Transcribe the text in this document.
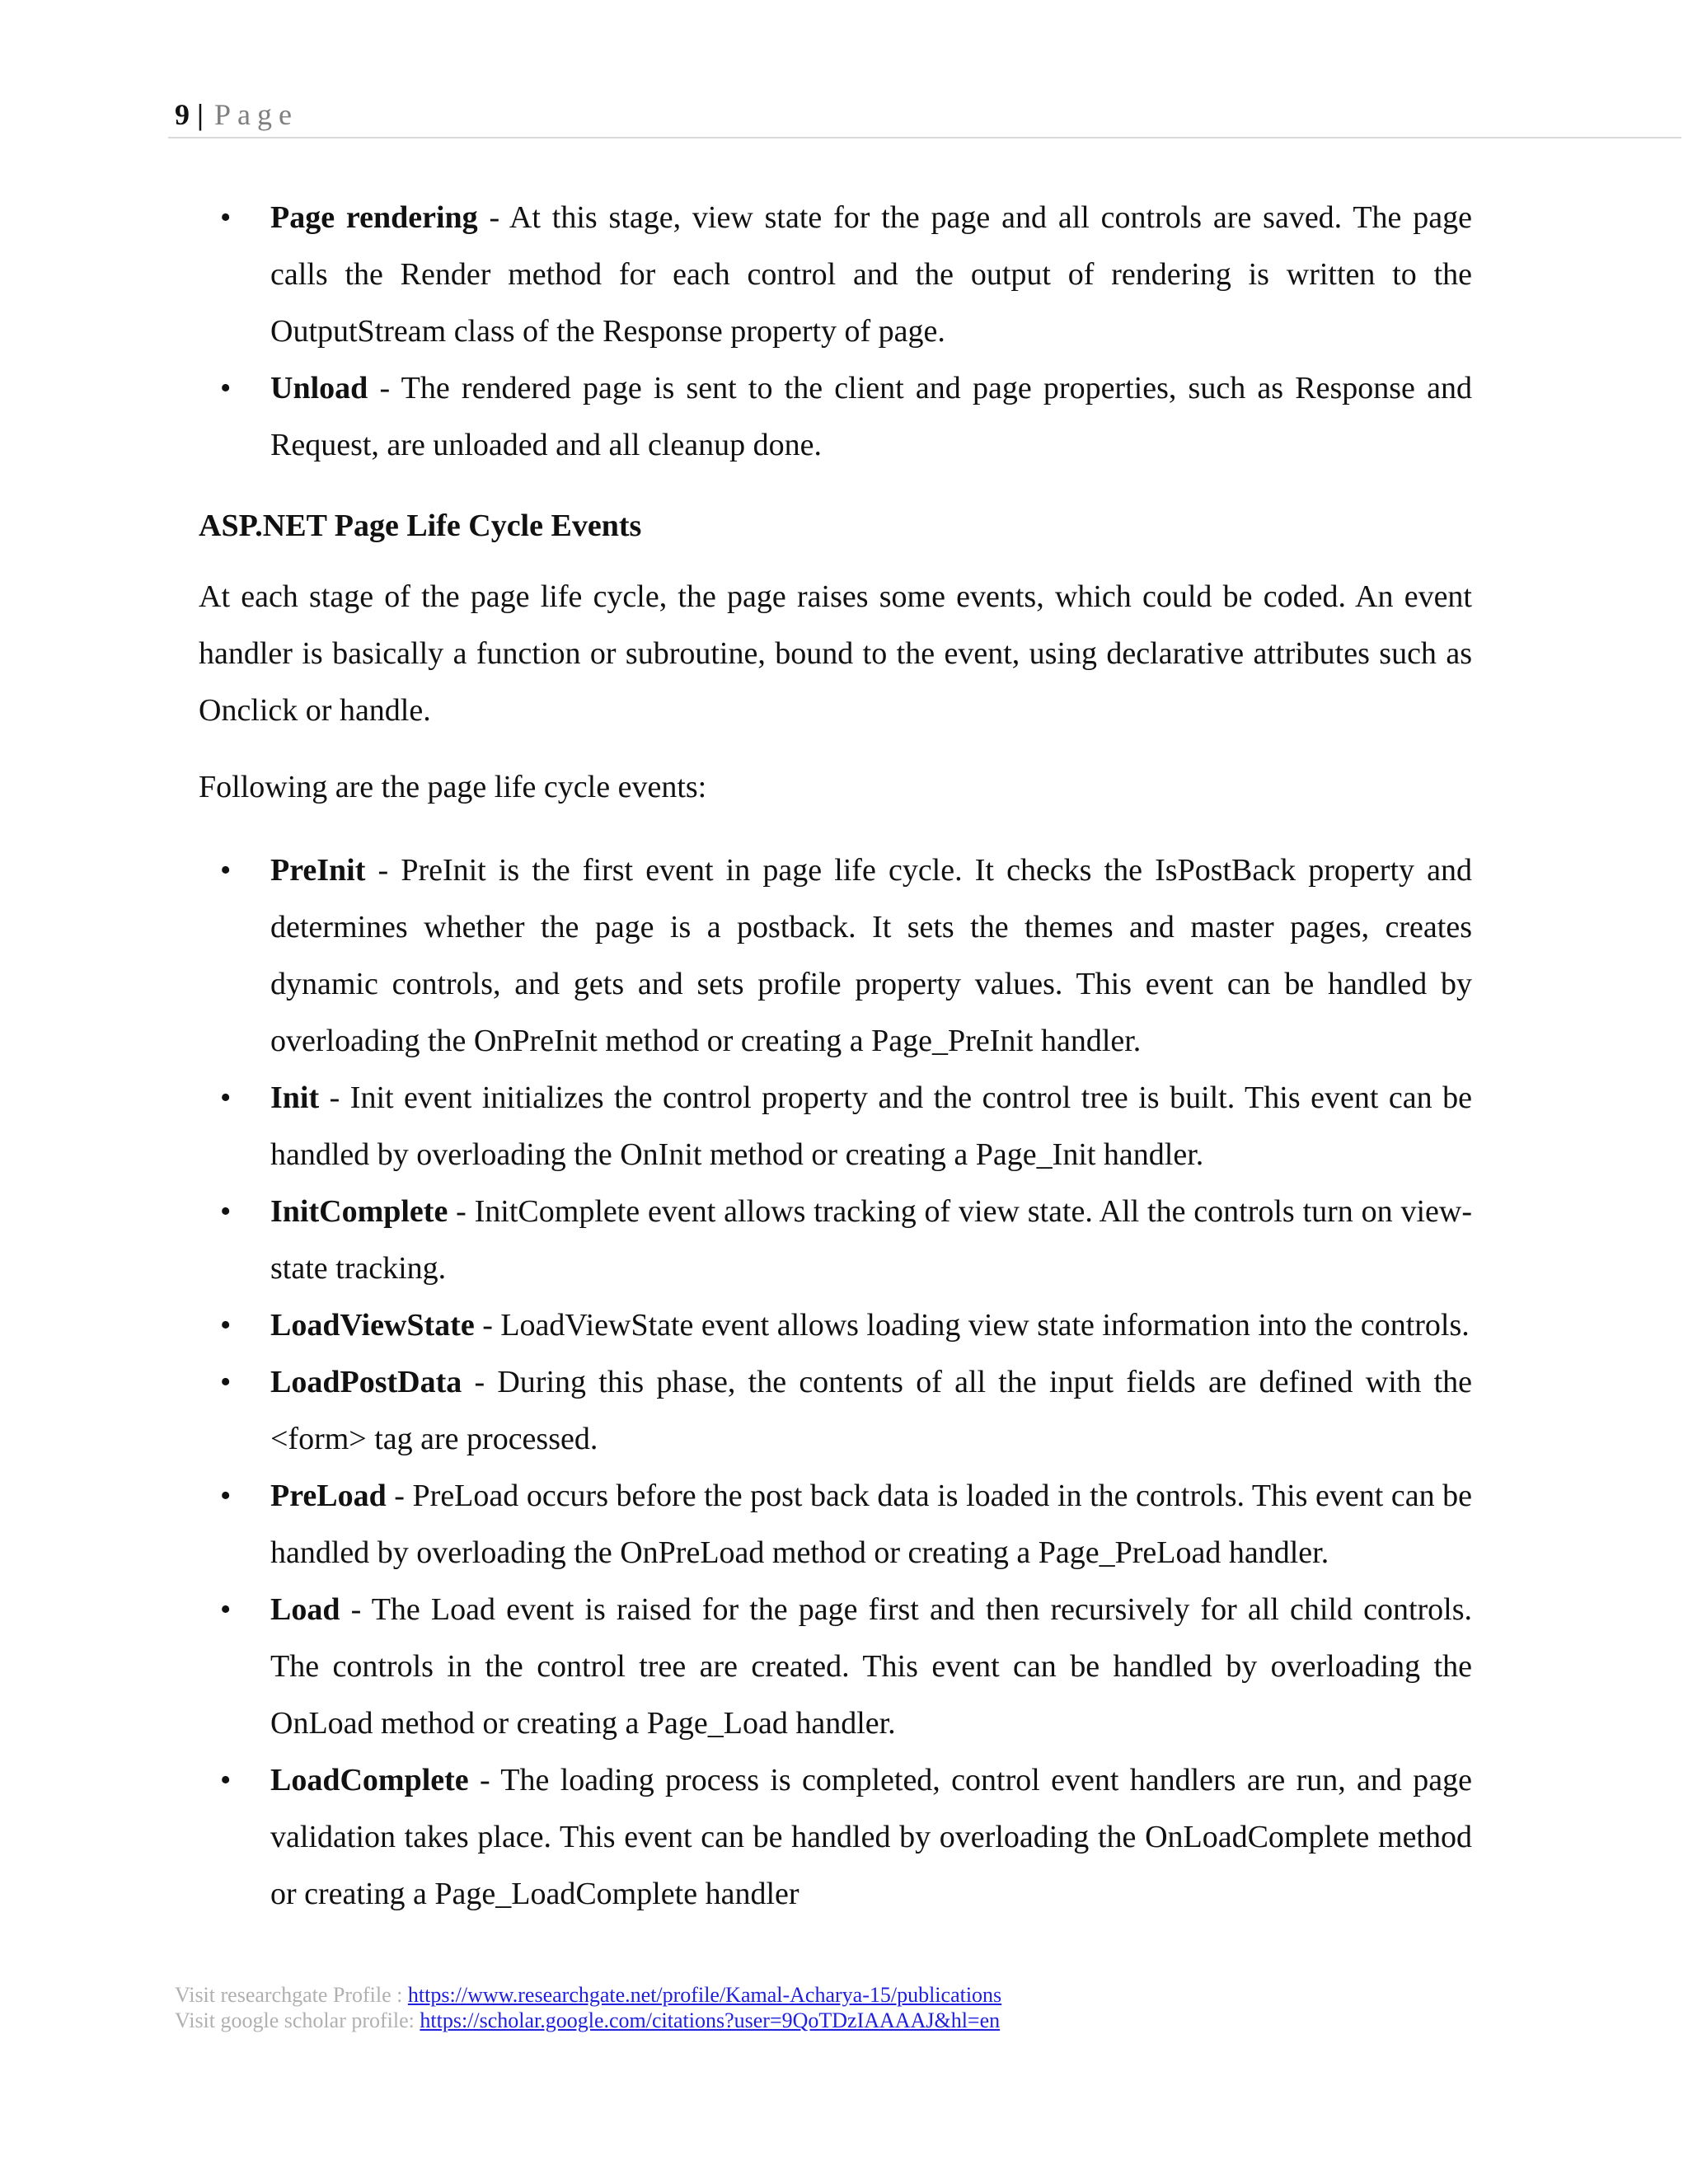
9 | Page
• Page rendering - At this stage, view state for the page and all controls are saved. The page calls the Render method for each control and the output of rendering is written to the OutputStream class of the Response property of page.
• Unload - The rendered page is sent to the client and page properties, such as Response and Request, are unloaded and all cleanup done.
ASP.NET Page Life Cycle Events
At each stage of the page life cycle, the page raises some events, which could be coded. An event handler is basically a function or subroutine, bound to the event, using declarative attributes such as Onclick or handle.
Following are the page life cycle events:
• PreInit - PreInit is the first event in page life cycle. It checks the IsPostBack property and determines whether the page is a postback. It sets the themes and master pages, creates dynamic controls, and gets and sets profile property values. This event can be handled by overloading the OnPreInit method or creating a Page_PreInit handler.
• Init - Init event initializes the control property and the control tree is built. This event can be handled by overloading the OnInit method or creating a Page_Init handler.
• InitComplete - InitComplete event allows tracking of view state. All the controls turn on view-state tracking.
• LoadViewState - LoadViewState event allows loading view state information into the controls.
• LoadPostData - During this phase, the contents of all the input fields are defined with the <form> tag are processed.
• PreLoad - PreLoad occurs before the post back data is loaded in the controls. This event can be handled by overloading the OnPreLoad method or creating a Page_PreLoad handler.
• Load - The Load event is raised for the page first and then recursively for all child controls. The controls in the control tree are created. This event can be handled by overloading the OnLoad method or creating a Page_Load handler.
• LoadComplete - The loading process is completed, control event handlers are run, and page validation takes place. This event can be handled by overloading the OnLoadComplete method or creating a Page_LoadComplete handler
Visit researchgate Profile : https://www.researchgate.net/profile/Kamal-Acharya-15/publications
Visit google scholar profile: https://scholar.google.com/citations?user=9QoTDzIAAAAJ&hl=en
